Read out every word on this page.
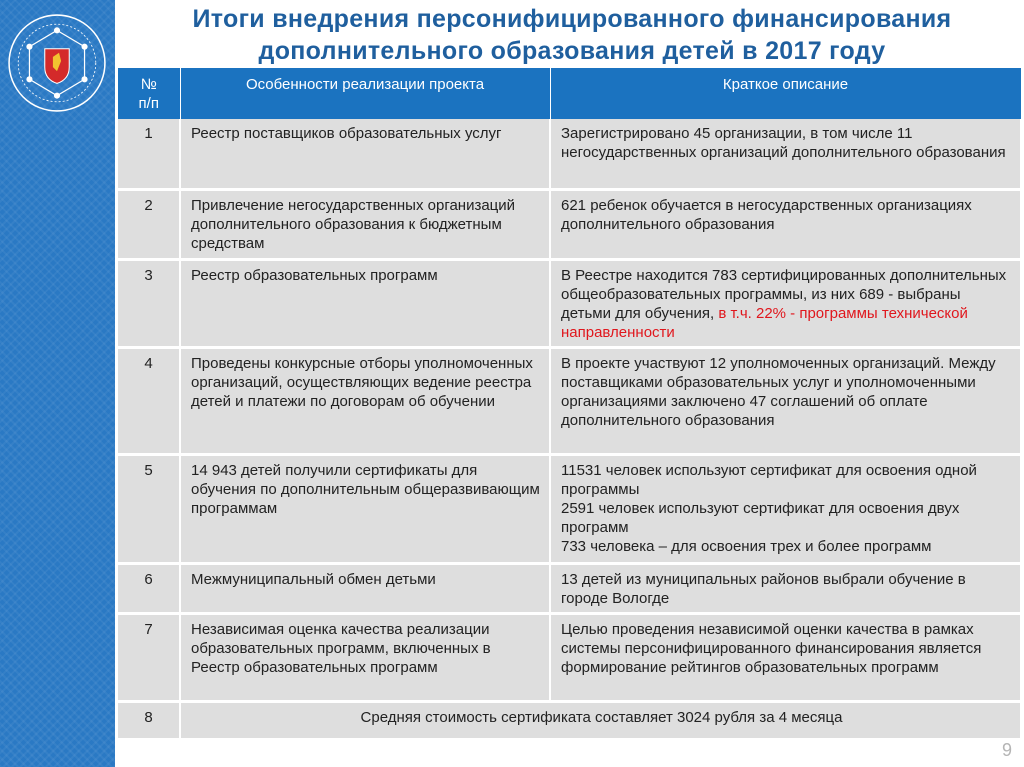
Итоги внедрения персонифицированного финансирования
дополнительного образования детей в 2017 году
№
п/п	Особенности реализации проекта	Краткое описание
1	Реестр поставщиков образовательных услуг	Зарегистрировано 45 организации, в том числе 11 негосударственных организаций дополнительного образования
2	Привлечение негосударственных организаций дополнительного образования к бюджетным средствам	621 ребенок обучается в негосударственных организациях дополнительного образования
3	Реестр образовательных программ	В Реестре находится 783 сертифицированных дополнительных общеобразовательных программы, из них 689 - выбраны детьми для обучения, в т.ч. 22% - программы технической направленности
4	Проведены конкурсные отборы уполномоченных организаций, осуществляющих ведение реестра детей и платежи по договорам об обучении	В проекте участвуют 12 уполномоченных организаций. Между поставщиками образовательных услуг и уполномоченными организациями заключено 47 соглашений об оплате дополнительного образования
5	14 943 детей получили сертификаты для обучения по дополнительным общеразвивающим программам	11531 человек используют сертификат для освоения одной программы
2591 человек используют сертификат для освоения двух программ
733 человека – для освоения трех и более программ

6	Межмуниципальный обмен детьми	13 детей из муниципальных районов выбрали обучение в городе Вологде
7	Независимая оценка качества реализации образовательных программ, включенных в Реестр образовательных программ	Целью проведения независимой оценки качества в рамках системы персонифицированного финансирования является формирование рейтингов образовательных программ
8	Средняя стоимость сертификата составляет 3024 рубля за 4 месяца	
9
